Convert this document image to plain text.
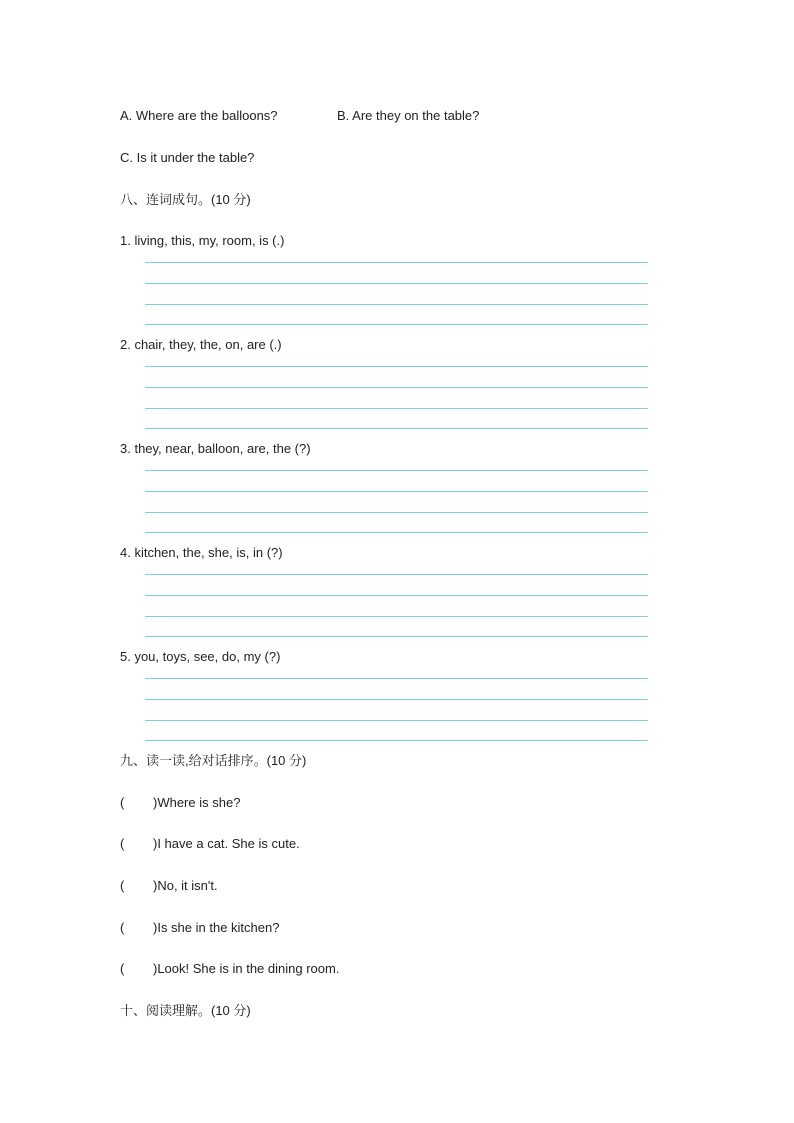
A. Where are the balloons?	B. Are they on the table?
C. Is it under the table?
八、连词成句。(10 分)
1. living, this, my, room, is (.)
2. chair, they, the, on, are (.)
3. they, near, balloon, are, the (?)
4. kitchen, the, she, is, in (?)
5. you, toys, see, do, my (?)
九、读一读,给对话排序。(10 分)
( )Where is she?
( )I have a cat. She is cute.
( )No, it isn't.
( )Is she in the kitchen?
( )Look! She is in the dining room.
十、阅读理解。(10 分)
